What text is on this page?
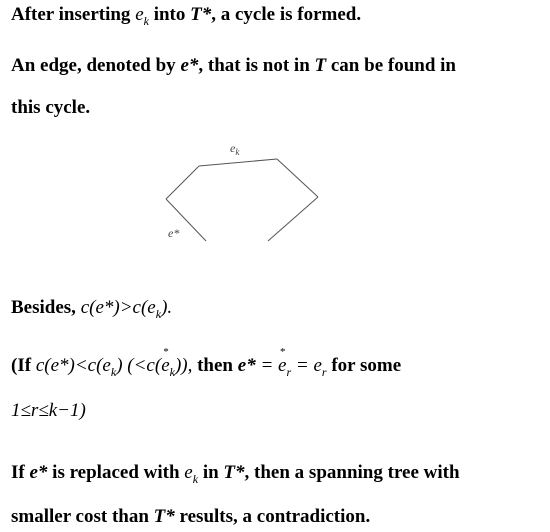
After inserting $e_k$ into T*, a cycle is formed.
An edge, denoted by e*, that is not in T can be found in
this cycle.
$e_k$
e*
Besides, $c(e*)>c(e_k)$.
(If $c(e*)<c(e_k)$ (<c(
*
$e_k$)), then e* =
*
$e_r = e_r$ for some
1≤r≤k−1)
If e* is replaced with $e_k$ in T*, then a spanning tree with
smaller cost than T* results, a contradiction.
